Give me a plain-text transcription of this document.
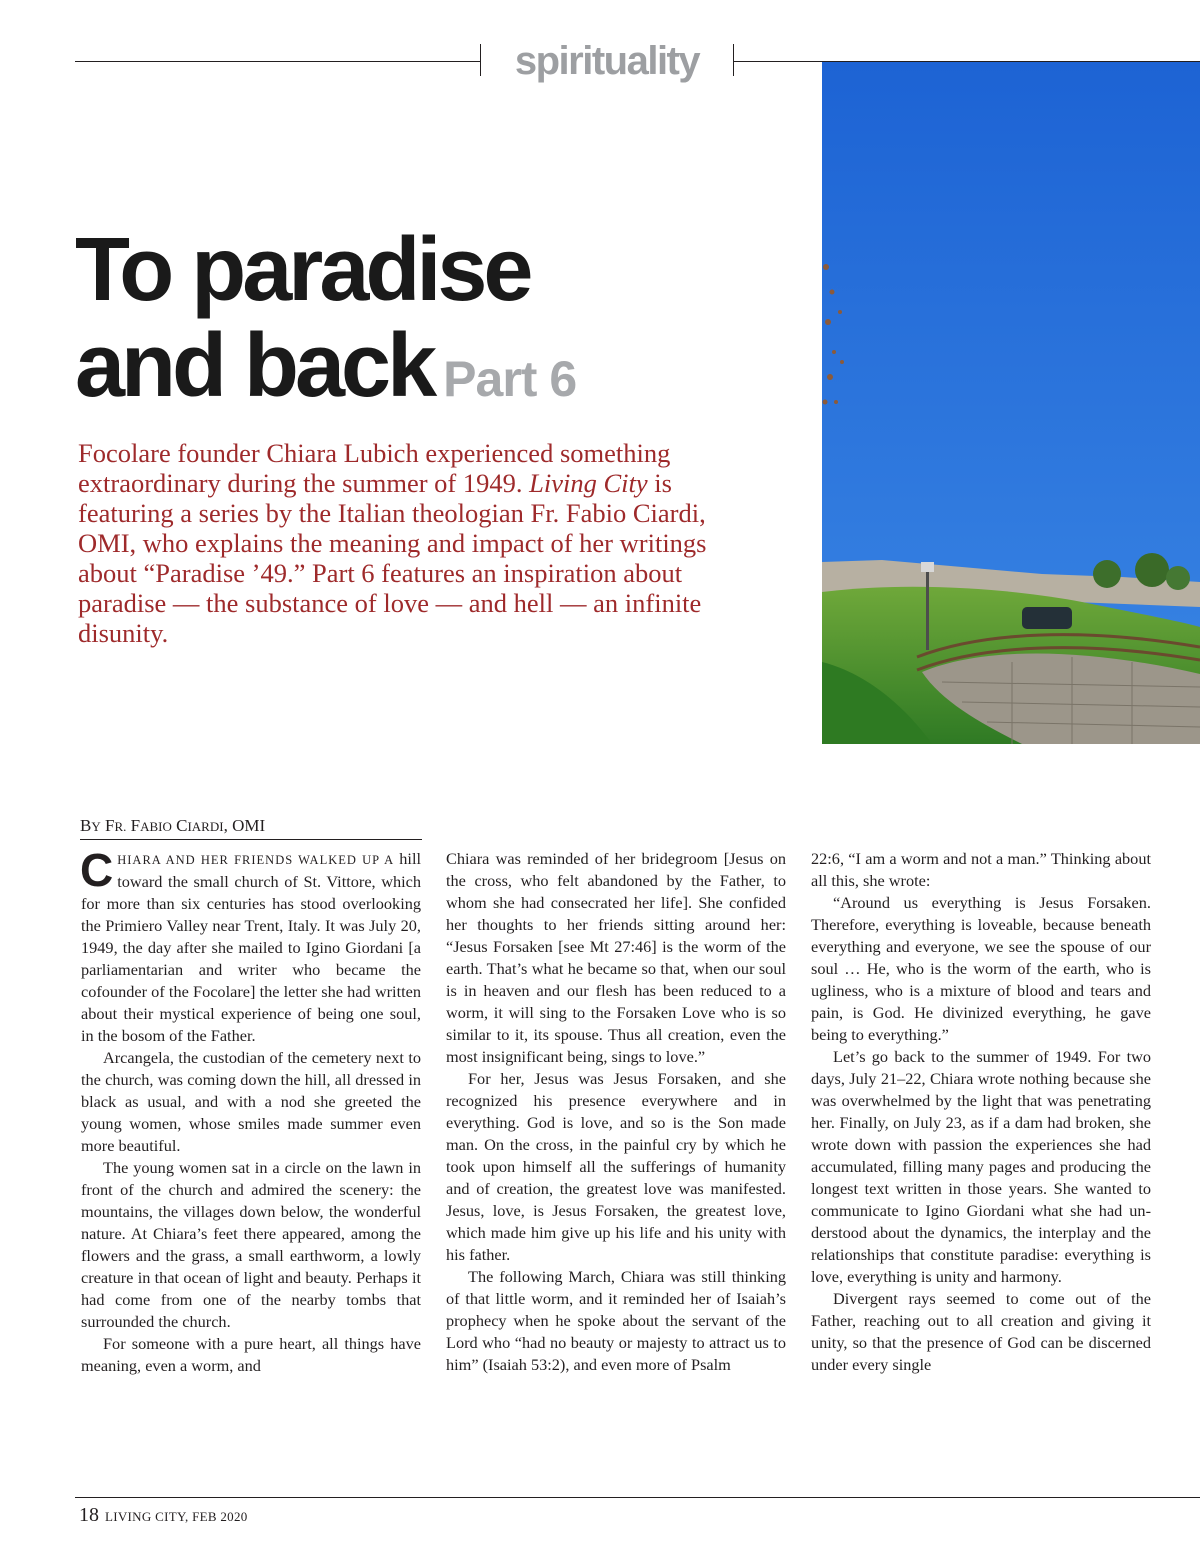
spirituality
To paradise
and back Part 6

Focolare founder Chiara Lubich experienced something extraordinary during the summer of 1949. Living City is featuring a series by the Italian theologian Fr. Fabio Ciardi, OMI, who explains the meaning and impact of her writings about “Paradise ’49.” Part 6 features an inspiration about paradise — the substance of love — and hell — an infinite disunity.

BY FR. FABIO CIARDI, OMI

CHIARA AND HER FRIENDS WALKED UP A hill toward the small church of St. Vittore, which for more than six centuries has stood overlooking the Primiero Valley near Trent, Italy. It was July 20, 1949, the day after she mailed to Igino Giordani [a parliamentarian and writer who became the cofounder of the Focolare] the letter she had written about their mystical experience of being one soul, in the bosom of the Father.

Arcangela, the custodian of the cemetery next to the church, was coming down the hill, all dressed in black as usual, and with a nod she greeted the young women, whose smiles made summer even more beautiful.

The young women sat in a circle on the lawn in front of the church and admired the scenery: the mountains, the villages down below, the wonderful nature. At Chiara’s feet there appeared, among the flowers and the grass, a small earthworm, a lowly creature in that ocean of light and beauty. Perhaps it had come from one of the nearby tombs that surrounded the church.

For someone with a pure heart, all things have meaning, even a worm, and

Chiara was reminded of her bridegroom [Jesus on the cross, who felt abandoned by the Father, to whom she had consecrated her life]. She confided her thoughts to her friends sitting around her: “Jesus Forsaken [see Mt 27:46] is the worm of the earth. That’s what he became so that, when our soul is in heaven and our flesh has been reduced to a worm, it will sing to the Forsaken Love who is so similar to it, its spouse. Thus all creation, even the most insignificant being, sings to love.”

For her, Jesus was Jesus Forsaken, and she recognized his presence everywhere and in everything. God is love, and so is the Son made man. On the cross, in the painful cry by which he took upon himself all the sufferings of humanity and of creation, the greatest love was manifested. Jesus, love, is Jesus Forsaken, the greatest love, which made him give up his life and his unity with his father.

The following March, Chiara was still thinking of that little worm, and it reminded her of Isaiah’s prophecy when he spoke about the servant of the Lord who “had no beauty or majesty to attract us to him” (Isaiah 53:2), and even more of Psalm

22:6, “I am a worm and not a man.” Thinking about all this, she wrote:

“Around us everything is Jesus Forsaken. Therefore, everything is loveable, because beneath everything and everyone, we see the spouse of our soul … He, who is the worm of the earth, who is ugliness, who is a mixture of blood and tears and pain, is God. He divinized everything, he gave being to everything.”

Let’s go back to the summer of 1949. For two days, July 21–22, Chiara wrote nothing because she was overwhelmed by the light that was penetrating her. Finally, on July 23, as if a dam had broken, she wrote down with passion the experiences she had accumulated, filling many pages and producing the longest text written in those years. She wanted to communicate to Igino Giordani what she had understood about the dynamics, the interplay and the relationships that constitute paradise: everything is love, everything is unity and harmony.

Divergent rays seemed to come out of the Father, reaching out to all creation and giving it unity, so that the presence of God can be discerned under every single

18 LIVING CITY, FEB 2020
